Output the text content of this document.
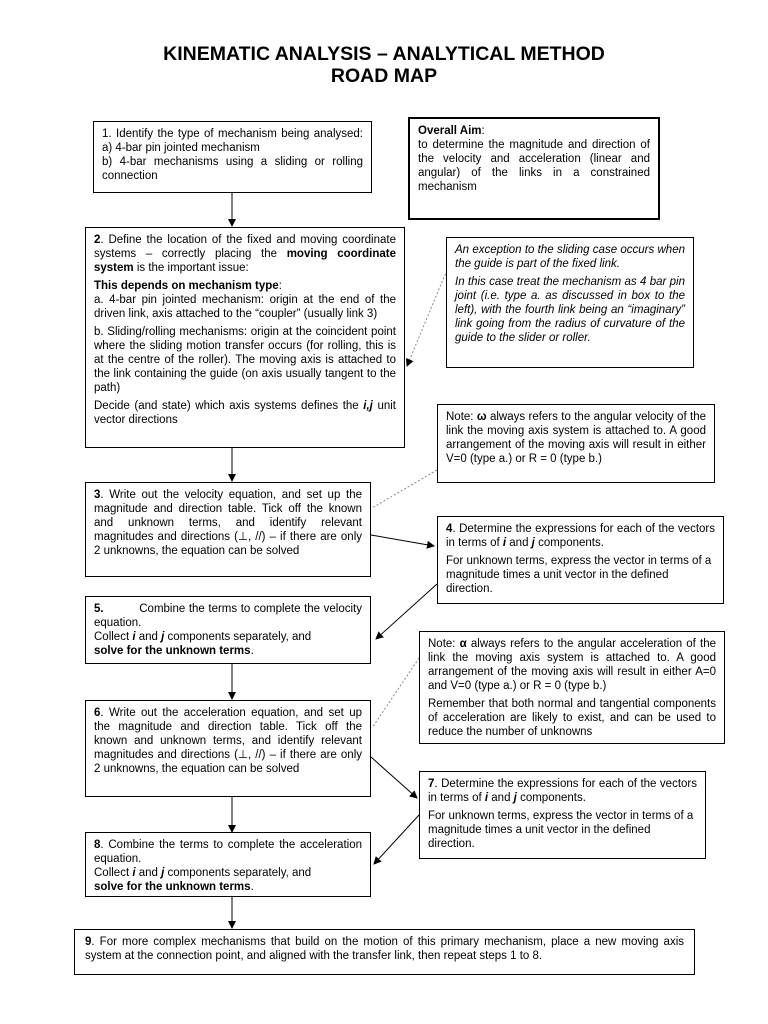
KINEMATIC ANALYSIS – ANALYTICAL METHOD
ROAD MAP

1. Identify the type of mechanism being analysed: a) 4-bar pin jointed mechanism
b) 4-bar mechanisms using a sliding or rolling connection

Overall Aim:
to determine the magnitude and direction of the velocity and acceleration (linear and angular) of the links in a constrained mechanism

2. Define the location of the fixed and moving coordinate systems – correctly placing the moving coordinate system is the important issue:

This depends on mechanism type:

a. 4-bar pin jointed mechanism: origin at the end of the driven link, axis attached to the “coupler” (usually link 3)

b. Sliding/rolling mechanisms: origin at the coincident point where the sliding motion transfer occurs (for rolling, this is at the centre of the roller). The moving axis is attached to the link containing the guide (on axis usually tangent to the path)

Decide (and state) which axis systems defines the i,j unit vector directions

An exception to the sliding case occurs when the guide is part of the fixed link.

In this case treat the mechanism as 4 bar pin joint (i.e. type a. as discussed in box to the left), with the fourth link being an “imaginary” link going from the radius of curvature of the guide to the slider or roller.

Note: ω always refers to the angular velocity of the link the moving axis system is attached to. A good arrangement of the moving axis will result in either V=0 (type a.) or R = 0 (type b.)

3. Write out the velocity equation, and set up the magnitude and direction table. Tick off the known and unknown terms, and identify relevant magnitudes and directions (⊥, //) – if there are only 2 unknowns, the equation can be solved

4. Determine the expressions for each of the vectors in terms of i and j components.

For unknown terms, express the vector in terms of a magnitude times a unit vector in the defined direction.

5.	Combine the terms to complete the velocity equation.
Collect i and j components separately, and
solve for the unknown terms.

Note: α always refers to the angular acceleration of the link the moving axis system is attached to. A good arrangement of the moving axis will result in either A=0 and V=0 (type a.) or R = 0 (type b.)

Remember that both normal and tangential components of acceleration are likely to exist, and can be used to reduce the number of unknowns

6. Write out the acceleration equation, and set up the magnitude and direction table. Tick off the known and unknown terms, and identify relevant magnitudes and directions (⊥, //) – if there are only 2 unknowns, the equation can be solved

7. Determine the expressions for each of the vectors in terms of i and j components.

For unknown terms, express the vector in terms of a magnitude times a unit vector in the defined direction.

8. Combine the terms to complete the acceleration equation.
Collect i and j components separately, and
solve for the unknown terms.

9. For more complex mechanisms that build on the motion of this primary mechanism, place a new moving axis system at the connection point, and aligned with the transfer link, then repeat steps 1 to 8.
